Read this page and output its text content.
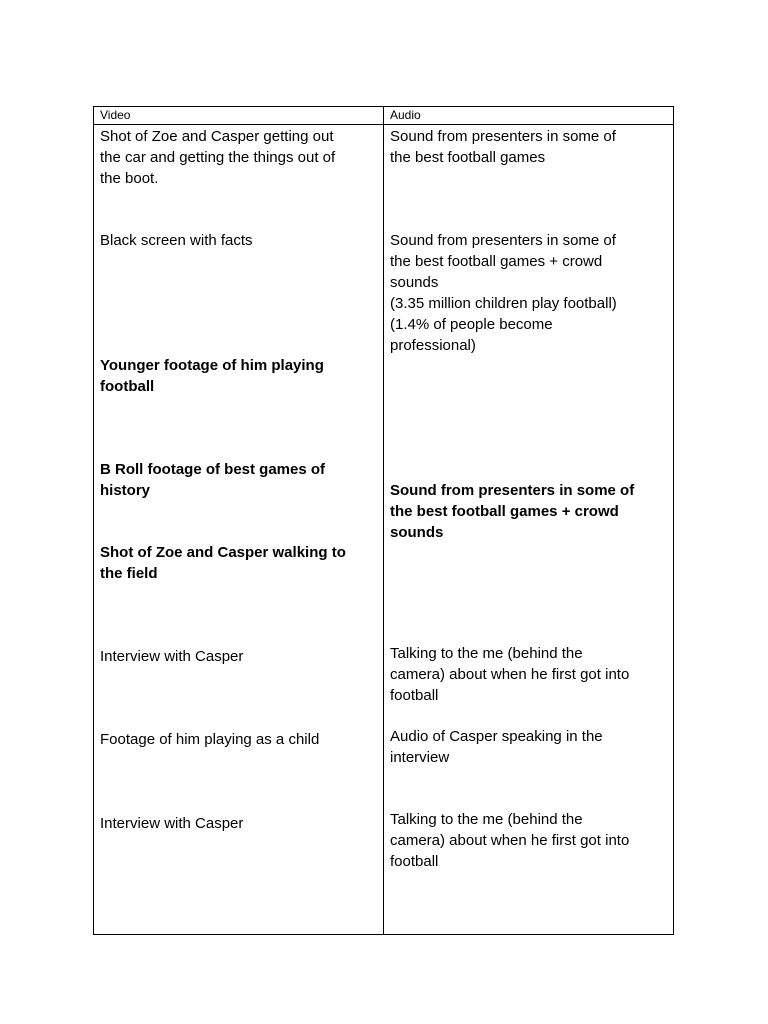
Video	Audio
Shot of Zoe and Casper getting out
the car and getting the things out of
the boot.
Black screen with facts
Younger footage of him playing
football
B Roll footage of best games of
history
Shot of Zoe and Casper walking to
the field
Interview with Casper
Footage of him playing as a child
Interview with Casper
Sound from presenters in some of
the best football games
Sound from presenters in some of
the best football games + crowd
sounds
(3.35 million children play football)
(1.4% of people become
professional)
Sound from presenters in some of
the best football games + crowd
sounds
Talking to the me (behind the
camera) about when he first got into
football
Audio of Casper speaking in the
interview
Talking to the me (behind the
camera) about when he first got into
football
